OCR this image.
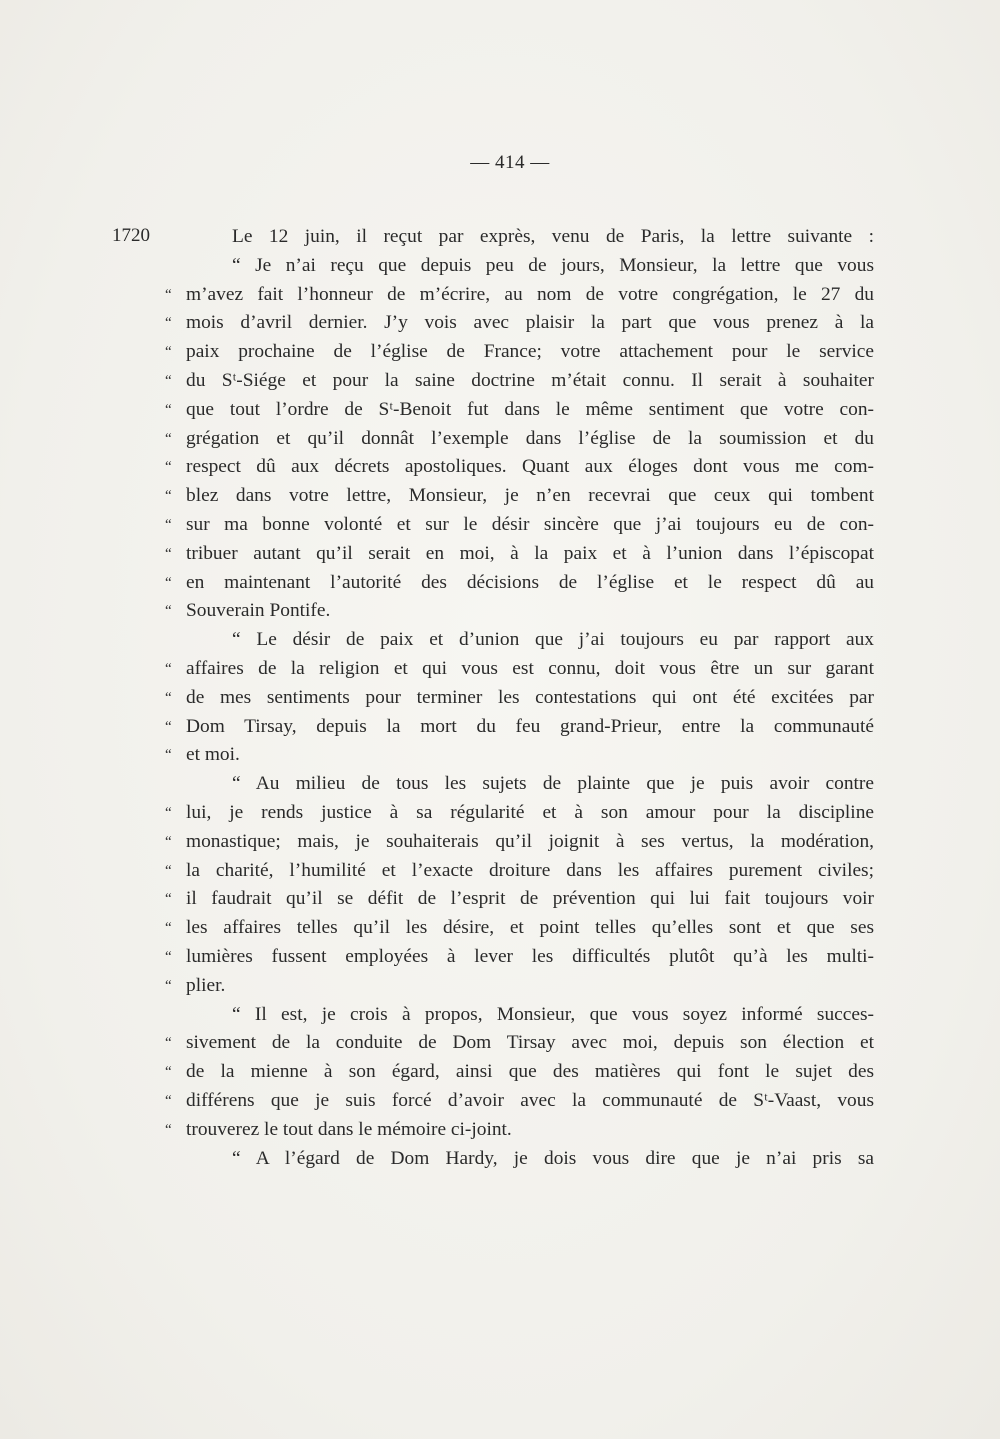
— 414 —
1720	Le 12 juin, il reçut par exprès, venu de Paris, la lettre suivante :
“ Je n’ai reçu que depuis peu de jours, Monsieur, la lettre que vous
“ m’avez fait l’honneur de m’écrire, au nom de votre congrégation, le 27 du
“ mois d’avril dernier. J’y vois avec plaisir la part que vous prenez à la
“ paix prochaine de l’église de France; votre attachement pour le service
“ du Sᵗ-Siége et pour la saine doctrine m’était connu. Il serait à souhaiter
“ que tout l’ordre de Sᵗ-Benoit fut dans le même sentiment que votre con-
“ grégation et qu’il donnât l’exemple dans l’église de la soumission et du
“ respect dû aux décrets apostoliques. Quant aux éloges dont vous me com-
“ blez dans votre lettre, Monsieur, je n’en recevrai que ceux qui tombent
“ sur ma bonne volonté et sur le désir sincère que j’ai toujours eu de con-
“ tribuer autant qu’il serait en moi, à la paix et à l’union dans l’épiscopat
“ en maintenant l’autorité des décisions de l’église et le respect dû au
“ Souverain Pontife.
“ Le désir de paix et d’union que j’ai toujours eu par rapport aux
“ affaires de la religion et qui vous est connu, doit vous être un sur garant
“ de mes sentiments pour terminer les contestations qui ont été excitées par
“ Dom Tirsay, depuis la mort du feu grand-Prieur, entre la communauté
“ et moi.
“ Au milieu de tous les sujets de plainte que je puis avoir contre
“ lui, je rends justice à sa régularité et à son amour pour la discipline
“ monastique; mais, je souhaiterais qu’il joignit à ses vertus, la modération,
“ la charité, l’humilité et l’exacte droiture dans les affaires purement civiles;
“ il faudrait qu’il se défit de l’esprit de prévention qui lui fait toujours voir
“ les affaires telles qu’il les désire, et point telles qu’elles sont et que ses
“ lumières fussent employées à lever les difficultés plutôt qu’à les multi-
“ plier.
“ Il est, je crois à propos, Monsieur, que vous soyez informé succes-
“ sivement de la conduite de Dom Tirsay avec moi, depuis son élection et
“ de la mienne à son égard, ainsi que des matières qui font le sujet des
“ différens que je suis forcé d’avoir avec la communauté de Sᵗ-Vaast, vous
“ trouverez le tout dans le mémoire ci-joint.
“ A l’égard de Dom Hardy, je dois vous dire que je n’ai pris sa
